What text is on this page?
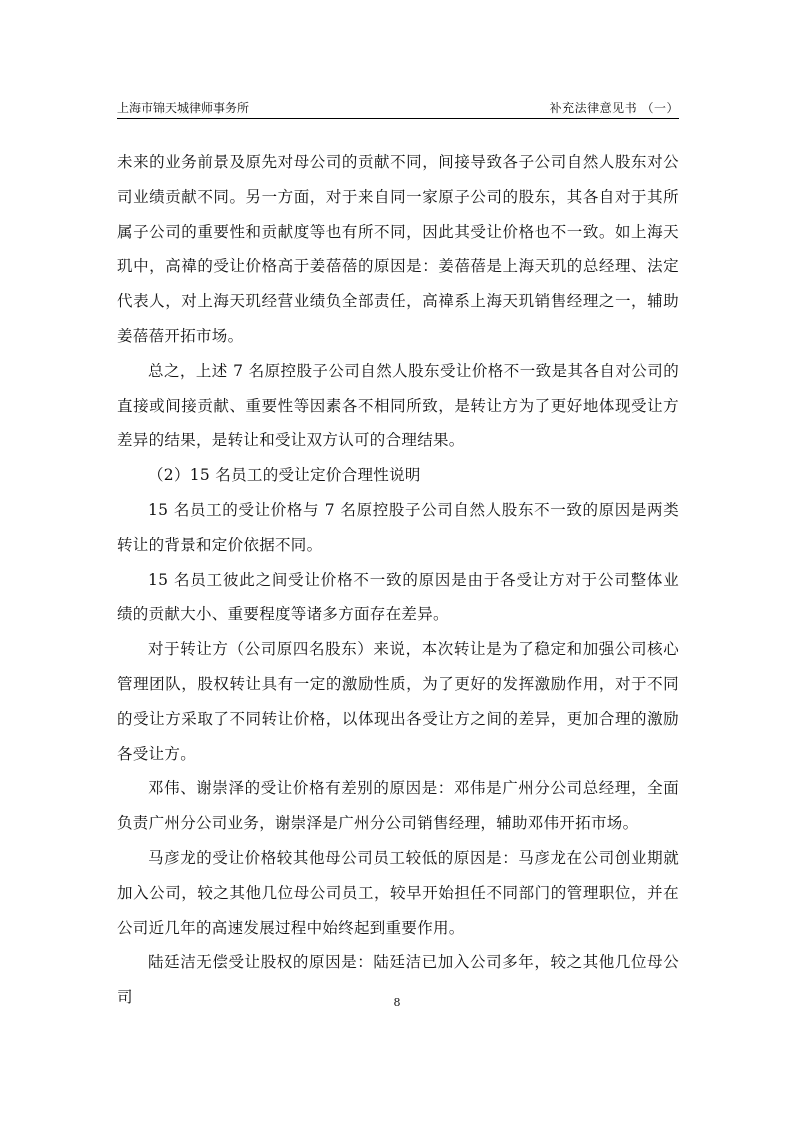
上海市锦天城律师事务所	补充法律意见书 （一）

未来的业务前景及原先对母公司的贡献不同，间接导致各子公司自然人股东对公司业绩贡献不同。另一方面，对于来自同一家原子公司的股东，其各自对于其所属子公司的重要性和贡献度等也有所不同，因此其受让价格也不一致。如上海天玑中，高禕的受让价格高于姜蓓蓓的原因是：姜蓓蓓是上海天玑的总经理、法定代表人，对上海天玑经营业绩负全部责任，高禕系上海天玑销售经理之一，辅助姜蓓蓓开拓市场。

总之，上述 7 名原控股子公司自然人股东受让价格不一致是其各自对公司的直接或间接贡献、重要性等因素各不相同所致，是转让方为了更好地体现受让方差异的结果，是转让和受让双方认可的合理结果。

（2）15 名员工的受让定价合理性说明

15 名员工的受让价格与 7 名原控股子公司自然人股东不一致的原因是两类转让的背景和定价依据不同。

15 名员工彼此之间受让价格不一致的原因是由于各受让方对于公司整体业绩的贡献大小、重要程度等诸多方面存在差异。

对于转让方（公司原四名股东）来说，本次转让是为了稳定和加强公司核心管理团队，股权转让具有一定的激励性质，为了更好的发挥激励作用，对于不同的受让方采取了不同转让价格，以体现出各受让方之间的差异，更加合理的激励各受让方。

邓伟、谢崇泽的受让价格有差别的原因是：邓伟是广州分公司总经理，全面负责广州分公司业务，谢崇泽是广州分公司销售经理，辅助邓伟开拓市场。

马彦龙的受让价格较其他母公司员工较低的原因是：马彦龙在公司创业期就加入公司，较之其他几位母公司员工，较早开始担任不同部门的管理职位，并在公司近几年的高速发展过程中始终起到重要作用。

陆廷洁无偿受让股权的原因是：陆廷洁已加入公司多年，较之其他几位母公司	8
